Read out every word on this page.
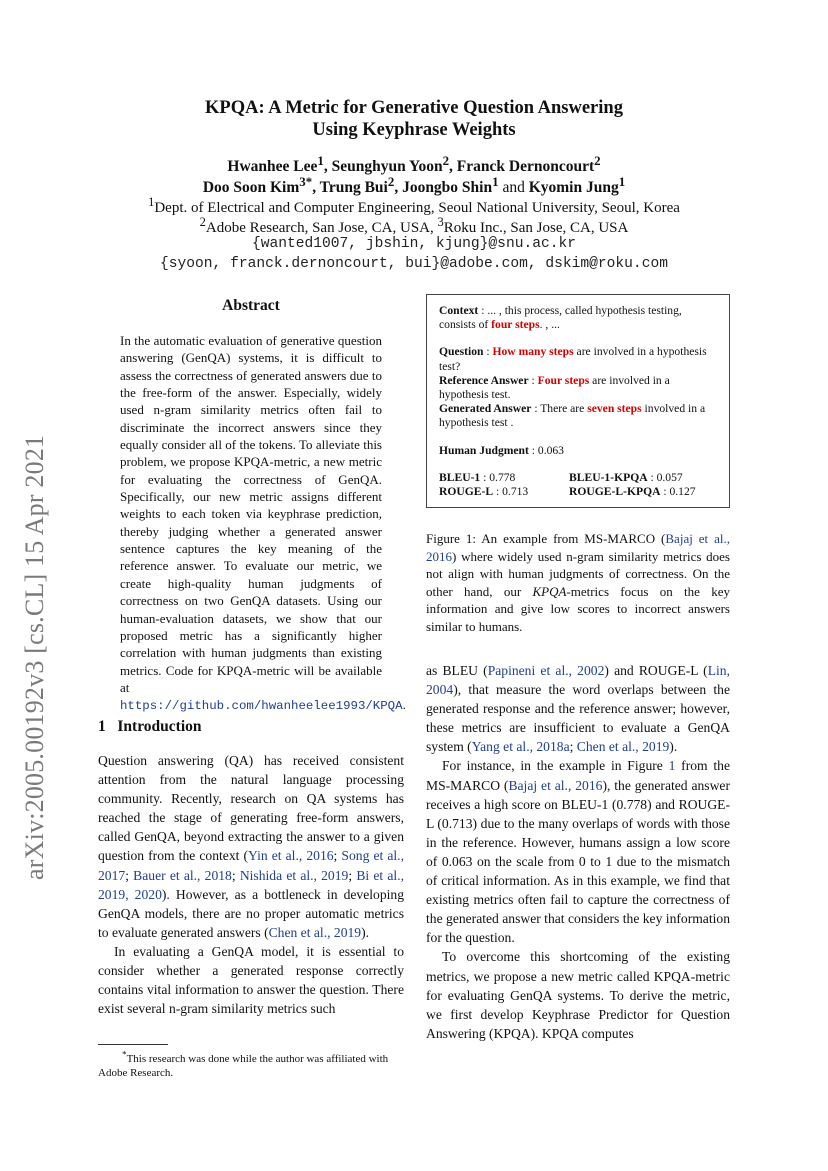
arXiv:2005.00192v3 [cs.CL] 15 Apr 2021
KPQA: A Metric for Generative Question Answering
Using Keyphrase Weights
Hwanhee Lee$^1$, Seunghyun Yoon$^2$, Franck Dernoncourt$^2$
Doo Soon Kim$^{3*}$, Trung Bui$^2$, Joongbo Shin$^1$ and Kyomin Jung$^1$
$^1$Dept. of Electrical and Computer Engineering, Seoul National University, Seoul, Korea
$^2$Adobe Research, San Jose, CA, USA, $^3$Roku Inc., San Jose, CA, USA
{wanted1007, jbshin, kjung}@snu.ac.kr
{syoon, franck.dernoncourt, bui}@adobe.com, dskim@roku.com
Abstract

In the automatic evaluation of generative question answering (GenQA) systems, it is difficult to assess the correctness of generated answers due to the free-form of the answer. Especially, widely used n-gram similarity metrics often fail to discriminate the incorrect answers since they equally consider all of the tokens. To alleviate this problem, we propose KPQA-metric, a new metric for evaluating the correctness of GenQA. Specifically, our new metric assigns different weights to each token via keyphrase prediction, thereby judging whether a generated answer sentence captures the key meaning of the reference answer. To evaluate our metric, we create high-quality human judgments of correctness on two GenQA datasets. Using our human-evaluation datasets, we show that our proposed metric has a significantly higher correlation with human judgments than existing metrics. Code for KPQA-metric will be available at https://github.com/hwanheelee1993/KPQA.

1 Introduction

Question answering (QA) has received consistent attention from the natural language processing community. Recently, research on QA systems has reached the stage of generating free-form answers, called GenQA, beyond extracting the answer to a given question from the context (Yin et al., 2016; Song et al., 2017; Bauer et al., 2018; Nishida et al., 2019; Bi et al., 2019, 2020). However, as a bottleneck in developing GenQA models, there are no proper automatic metrics to evaluate generated answers (Chen et al., 2019).

In evaluating a GenQA model, it is essential to consider whether a generated response correctly contains vital information to answer the question. There exist several n-gram similarity metrics such

*This research was done while the author was affiliated with Adobe Research.

Context : ... , this process, called hypothesis testing, consists of four steps. , ...

Question : How many steps are involved in a hypothesis test?

Reference Answer : Four steps are involved in a hypothesis test.

Generated Answer : There are seven steps involved in a hypothesis test .

Human Judgment : 0.063

BLEU-1 : 0.778	BLEU-1-KPQA : 0.057
ROUGE-L : 0.713	ROUGE-L-KPQA : 0.127
Figure 1: An example from MS-MARCO (Bajaj et al., 2016) where widely used n-gram similarity metrics does not align with human judgments of correctness. On the other hand, our KPQA-metrics focus on the key information and give low scores to incorrect answers similar to humans.

as BLEU (Papineni et al., 2002) and ROUGE-L (Lin, 2004), that measure the word overlaps between the generated response and the reference answer; however, these metrics are insufficient to evaluate a GenQA system (Yang et al., 2018a; Chen et al., 2019).

For instance, in the example in Figure 1 from the MS-MARCO (Bajaj et al., 2016), the generated answer receives a high score on BLEU-1 (0.778) and ROUGE-L (0.713) due to the many overlaps of words with those in the reference. However, humans assign a low score of 0.063 on the scale from 0 to 1 due to the mismatch of critical information. As in this example, we find that existing metrics often fail to capture the correctness of the generated answer that considers the key information for the question.

To overcome this shortcoming of the existing metrics, we propose a new metric called KPQA-metric for evaluating GenQA systems. To derive the metric, we first develop Keyphrase Predictor for Question Answering (KPQA). KPQA computes
